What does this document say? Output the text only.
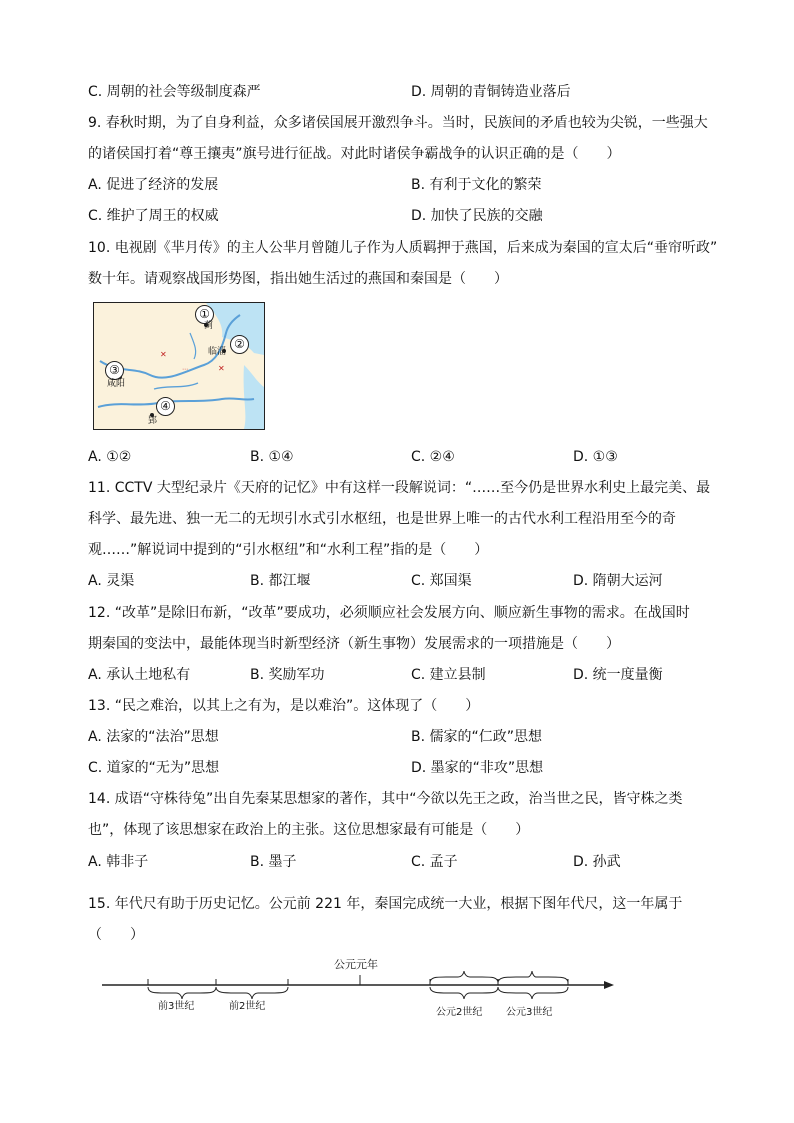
C. 周朝的社会等级制度森严	D. 周朝的青铜铸造业落后
9. 春秋时期，为了自身利益，众多诸侯国展开激烈争斗。当时，民族间的矛盾也较为尖锐，一些强大
的诸侯国打着“尊王攘夷”旗号进行征战。对此时诸侯争霸战争的认识正确的是（　　）
A. 促进了经济的发展	B. 有利于文化的繁荣
C. 维护了周王的权威	D. 加快了民族的交融
10. 电视剧《芈月传》的主人公芈月曾随儿子作为人质羁押于燕国，后来成为秦国的宣太后“垂帘听政”
数十年。请观察战国形势图，指出她生活过的燕国和秦国是（　　）
✕
✕
⋯
①
蓟
②
临淄
③
咸阳
④
郢
A. ①②	B. ①④	C. ②④	D. ①③
11. CCTV 大型纪录片《天府的记忆》中有这样一段解说词：“……至今仍是世界水利史上最完美、最
科学、最先进、独一无二的无坝引水式引水枢纽，也是世界上唯一的古代水利工程沿用至今的奇
观……”解说词中提到的“引水枢纽”和“水利工程”指的是（　　）
A. 灵渠	B. 都江堰	C. 郑国渠	D. 隋朝大运河
12. “改革”是除旧布新，“改革”要成功，必须顺应社会发展方向、顺应新生事物的需求。在战国时
期秦国的变法中，最能体现当时新型经济（新生事物）发展需求的一项措施是（　　）
A. 承认土地私有	B. 奖励军功	C. 建立县制	D. 统一度量衡
13. “民之难治，以其上之有为，是以难治”。这体现了（　　）
A. 法家的“法治”思想	B. 儒家的“仁政”思想
C. 道家的“无为”思想	D. 墨家的“非攻”思想
14. 成语“守株待兔”出自先秦某思想家的著作，其中“今欲以先王之政，治当世之民，皆守株之类
也”，体现了该思想家在政治上的主张。这位思想家最有可能是（　　）
A. 韩非子	B. 墨子	C. 孟子	D. 孙武
15. 年代尺有助于历史记忆。公元前 221 年，秦国完成统一大业，根据下图年代尺，这一年属于
（　　）
公元元年
前3世纪	前2世纪
公元2世纪 公元3世纪
